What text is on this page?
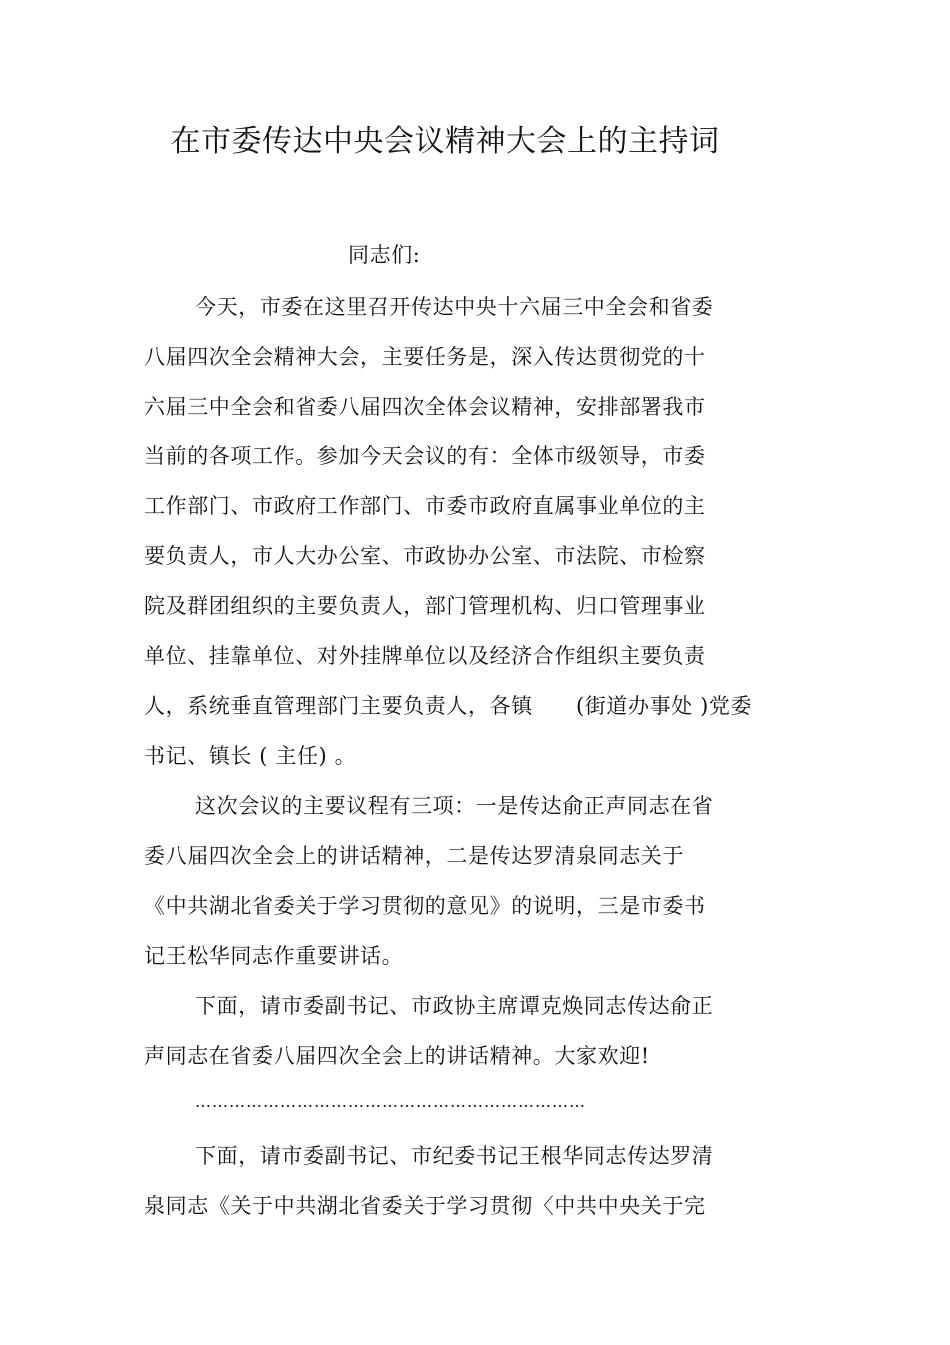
在市委传达中央会议精神大会上的主持词
同志们:
今天，市委在这里召开传达中央十六届三中全会和省委
八届四次全会精神大会，主要任务是，深入传达贯彻党的十
六届三中全会和省委八届四次全体会议精神，安排部署我市
当前的各项工作。参加今天会议的有：全体市级领导，市委
工作部门、市政府工作部门、市委市政府直属事业单位的主
要负责人，市人大办公室、市政协办公室、市法院、市检察
院及群团组织的主要负责人，部门管理机构、归口管理事业
单位、挂靠单位、对外挂牌单位以及经济合作组织主要负责
人，系统垂直管理部门主要负责人，各镇　　(街道办事处 )党委
书记、镇长 ( 主任) 。
这次会议的主要议程有三项：一是传达俞正声同志在省
委八届四次全会上的讲话精神，二是传达罗清泉同志关于
《中共湖北省委关于学习贯彻的意见》的说明，三是市委书
记王松华同志作重要讲话。
下面，请市委副书记、市政协主席谭克焕同志传达俞正
声同志在省委八届四次全会上的讲话精神。大家欢迎!
……………………………………………………………
下面，请市委副书记、市纪委书记王根华同志传达罗清
泉同志《关于中共湖北省委关于学习贯彻〈中共中央关于完
